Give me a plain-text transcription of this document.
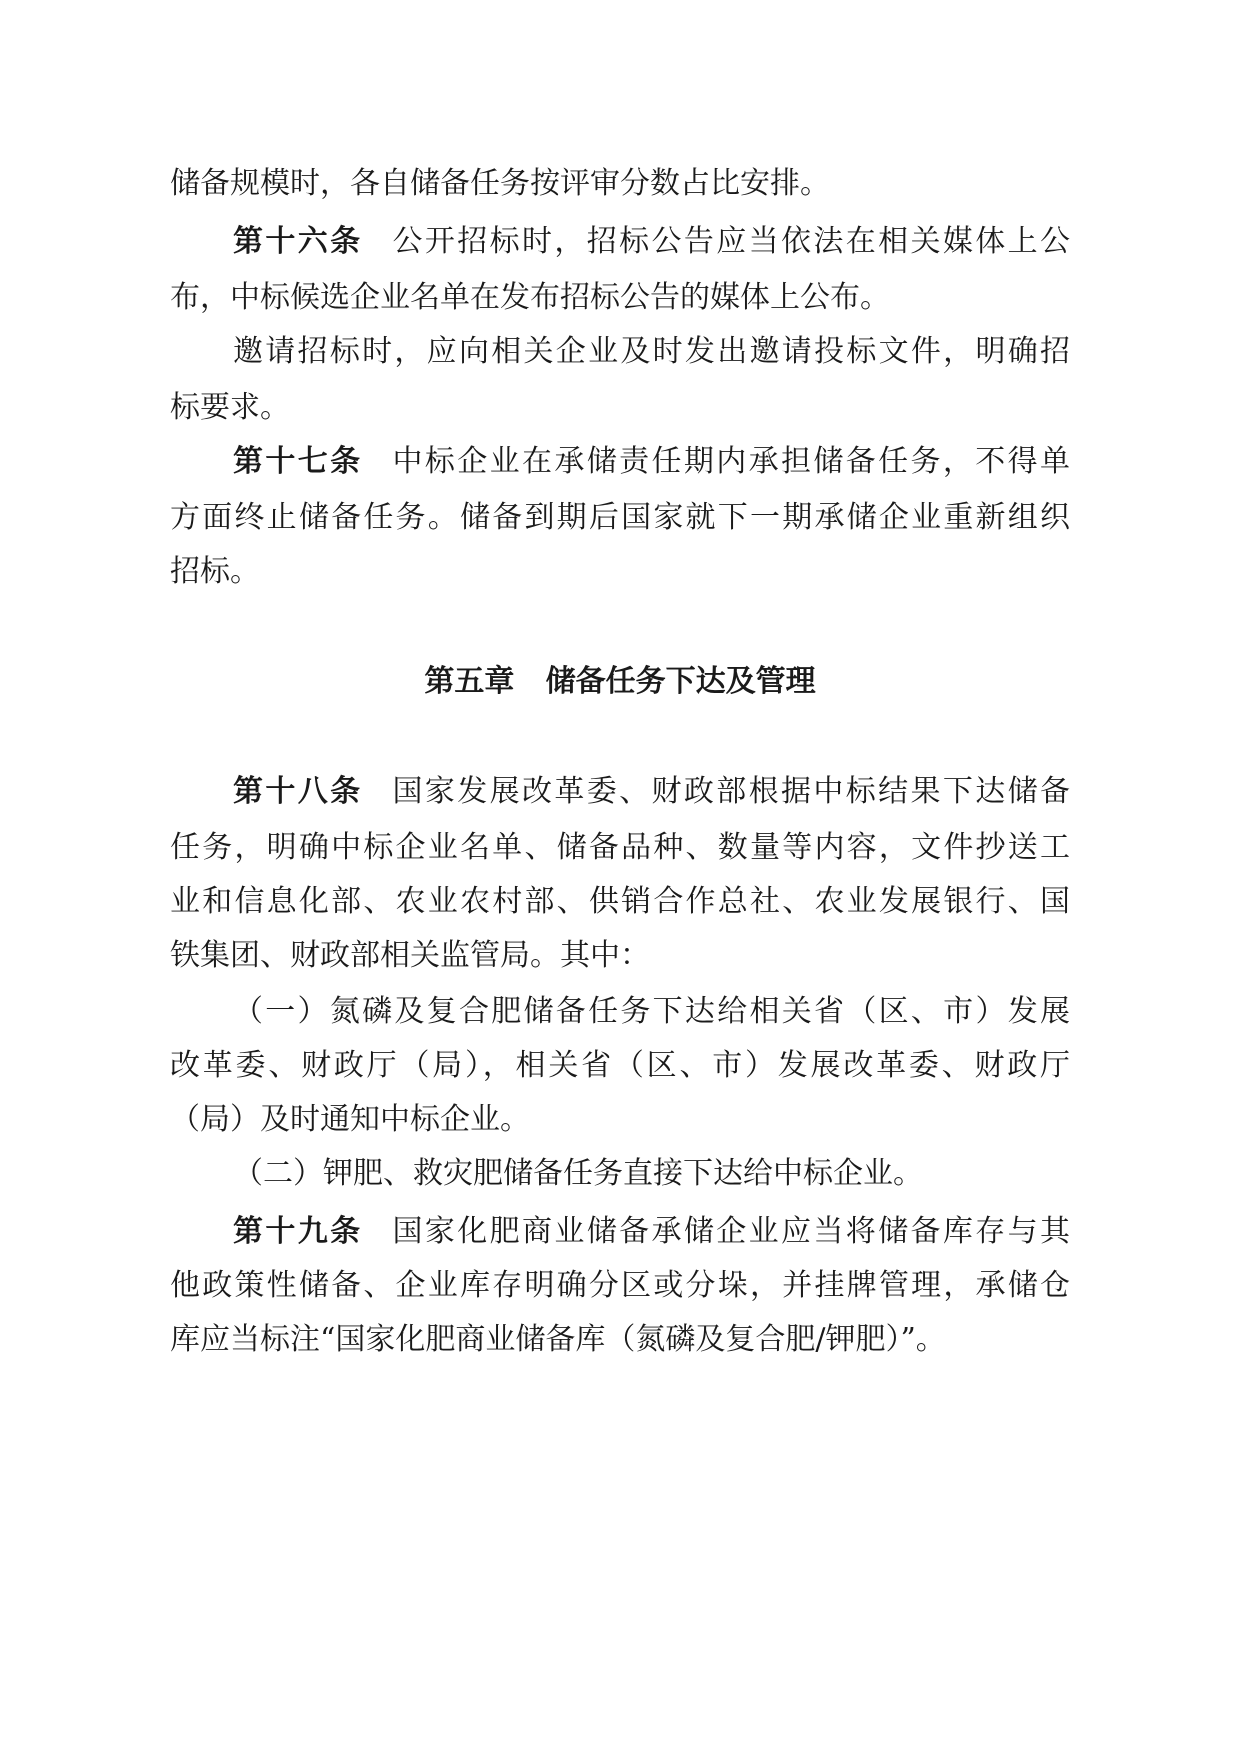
储备规模时，各自储备任务按评审分数占比安排。
第十六条 公开招标时，招标公告应当依法在相关媒体上公
布，中标候选企业名单在发布招标公告的媒体上公布。
邀请招标时，应向相关企业及时发出邀请投标文件，明确招
标要求。
第十七条 中标企业在承储责任期内承担储备任务，不得单
方面终止储备任务。储备到期后国家就下一期承储企业重新组织
招标。
第五章 储备任务下达及管理
第十八条 国家发展改革委、财政部根据中标结果下达储备
任务，明确中标企业名单、储备品种、数量等内容，文件抄送工
业和信息化部、农业农村部、供销合作总社、农业发展银行、国
铁集团、财政部相关监管局。其中：
（一）氮磷及复合肥储备任务下达给相关省（区、市）发展
改革委、财政厅（局），相关省（区、市）发展改革委、财政厅
（局）及时通知中标企业。
（二）钾肥、救灾肥储备任务直接下达给中标企业。
第十九条 国家化肥商业储备承储企业应当将储备库存与其
他政策性储备、企业库存明确分区或分垛，并挂牌管理，承储仓
库应当标注“国家化肥商业储备库（氮磷及复合肥/钾肥）”。
